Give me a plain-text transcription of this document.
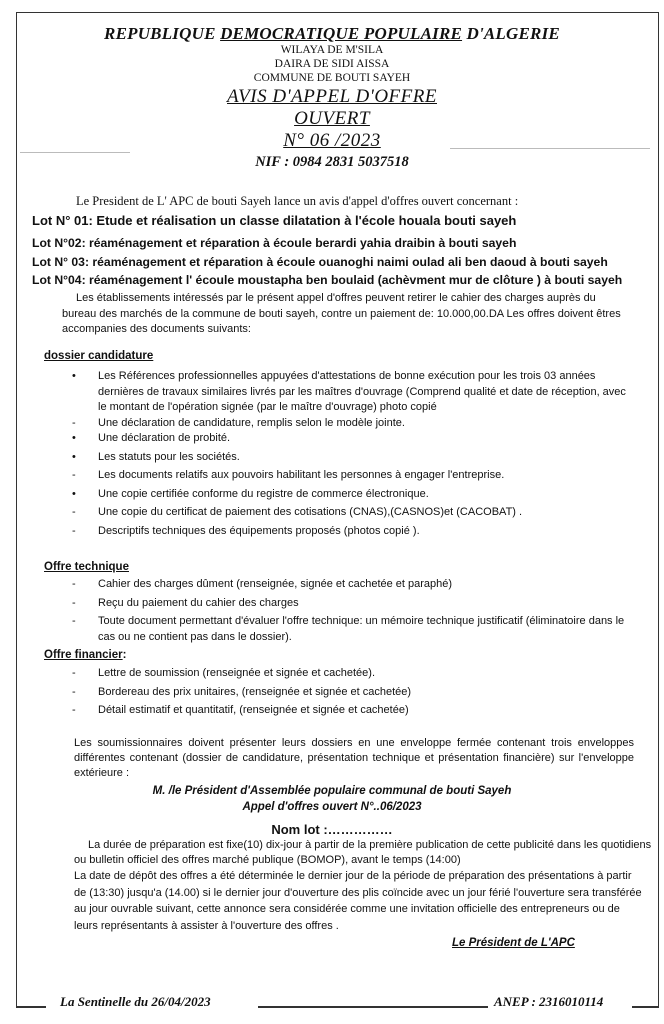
REPUBLIQUE DEMOCRATIQUE POPULAIRE D'ALGERIE
WILAYA DE M'SILA
DAIRA DE SIDI AISSA
COMMUNE DE BOUTI SAYEH
AVIS D'APPEL D'OFFRE
OUVERT
N° 06 /2023
NIF : 0984 2831 5037518
Le President de L' APC de bouti Sayeh lance un avis d'appel d'offres ouvert concernant :
Lot N° 01: Etude et réalisation un classe dilatation à l'école houala bouti sayeh
Lot N°02: réaménagement et réparation à écoule berardi yahia draibin à bouti sayeh
Lot N° 03: réaménagement et réparation à écoule ouanoghi naimi oulad ali ben daoud à bouti sayeh
Lot N°04: réaménagement l' écoule moustapha ben boulaid (achèvment mur de clôture ) à bouti sayeh
Les établissements intéressés par le présent appel d'offres peuvent retirer le cahier des charges auprès du bureau des marchés de la commune de bouti sayeh, contre un paiement de: 10.000,00.DA Les offres doivent êtres accompanies des documents suivants:
dossier candidature
•	Les Références professionnelles appuyées d'attestations de bonne exécution pour les trois 03 années dernières de travaux similaires livrés par les maîtres d'ouvrage (Comprend qualité et date de réception, avec le montant de l'opération signée (par le maître d'ouvrage) photo copié
-	Une déclaration de candidature, remplis selon le modèle jointe.
•	Une déclaration de probité.
•	Les statuts pour les sociétés.
-	Les documents relatifs aux pouvoirs habilitant les personnes à engager l'entreprise.
•	Une copie certifiée conforme du registre de commerce électronique.
-	Une copie du certificat de paiement des cotisations (CNAS),(CASNOS)et (CACOBAT) .
-	Descriptifs techniques des équipements proposés (photos copié ).
Offre technique
-	Cahier des charges dûment (renseignée, signée et cachetée et paraphé)
-	Reçu du paiement du cahier des charges
-	Toute document permettant d'évaluer l'offre technique: un mémoire technique justificatif (éliminatoire dans le cas ou ne contient pas dans le dossier).
Offre financier:
-	Lettre de soumission (renseignée et signée et cachetée).
-	Bordereau des prix unitaires, (renseignée et signée et cachetée)
-	Détail estimatif et quantitatif, (renseignée et signée et cachetée)
Les soumissionnaires doivent présenter leurs dossiers en une enveloppe fermée contenant trois enveloppes différentes contenant (dossier de candidature, présentation technique et présentation financière) sur l'enveloppe extérieure :
M. /le Président d'Assemblée populaire communal de bouti Sayeh
Appel d'offres ouvert N°..06/2023
Nom lot :……………
La durée de préparation est fixe(10) dix-jour à partir de la première publication de cette publicité dans les quotidiens ou bulletin officiel des offres marché publique (BOMOP), avant le temps (14:00)
La date de dépôt des offres a été déterminée le dernier jour de la période de préparation des présentations à partir de (13:30) jusqu'a (14.00) si le dernier jour d'ouverture des plis coïncide avec un jour férié l'ouverture sera transférée au jour ouvrable suivant, cette annonce sera considérée comme une invitation officielle des entrepreneurs ou de leurs représentants à assister à l'ouverture des offres .
Le Président de L'APC
La Sentinelle du 26/04/2023	ANEP : 2316010114
